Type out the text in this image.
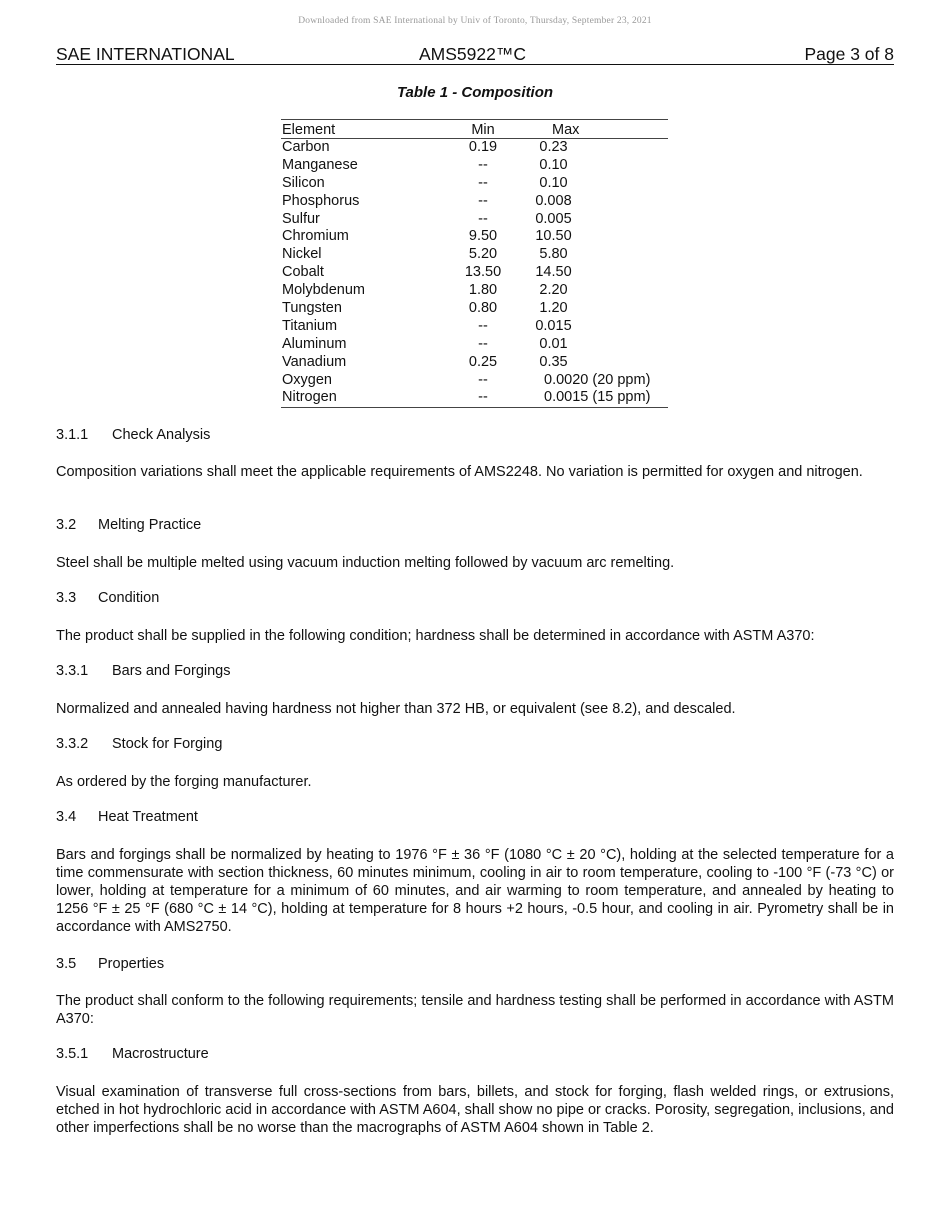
Downloaded from SAE International by Univ of Toronto, Thursday, September 23, 2021
SAE INTERNATIONAL	AMS5922™C	Page 3 of 8
Table 1 - Composition
Element	Min	Max
Carbon	0.19	0.23
Manganese	--	0.10
Silicon	--	0.10
Phosphorus	--	0.008
Sulfur	--	0.005
Chromium	9.50	10.50
Nickel	5.20	5.80
Cobalt	13.50	14.50
Molybdenum	1.80	2.20
Tungsten	0.80	1.20
Titanium	--	0.015
Aluminum	--	0.01
Vanadium	0.25	0.35
Oxygen	--	0.0020 (20 ppm)
Nitrogen	--	0.0015 (15 ppm)
3.1.1 Check Analysis
Composition variations shall meet the applicable requirements of AMS2248. No variation is permitted for oxygen and nitrogen.
3.2 Melting Practice
Steel shall be multiple melted using vacuum induction melting followed by vacuum arc remelting.
3.3 Condition
The product shall be supplied in the following condition; hardness shall be determined in accordance with ASTM A370:
3.3.1 Bars and Forgings
Normalized and annealed having hardness not higher than 372 HB, or equivalent (see 8.2), and descaled.
3.3.2 Stock for Forging
As ordered by the forging manufacturer.
3.4 Heat Treatment
Bars and forgings shall be normalized by heating to 1976 °F ± 36 °F (1080 °C ± 20 °C), holding at the selected temperature for a time commensurate with section thickness, 60 minutes minimum, cooling in air to room temperature, cooling to -100 °F (-73 °C) or lower, holding at temperature for a minimum of 60 minutes, and air warming to room temperature, and annealed by heating to 1256 °F ± 25 °F (680 °C ± 14 °C), holding at temperature for 8 hours +2 hours, -0.5 hour, and cooling in air. Pyrometry shall be in accordance with AMS2750.
3.5 Properties
The product shall conform to the following requirements; tensile and hardness testing shall be performed in accordance with ASTM A370:
3.5.1 Macrostructure
Visual examination of transverse full cross-sections from bars, billets, and stock for forging, flash welded rings, or extrusions, etched in hot hydrochloric acid in accordance with ASTM A604, shall show no pipe or cracks. Porosity, segregation, inclusions, and other imperfections shall be no worse than the macrographs of ASTM A604 shown in Table 2.
